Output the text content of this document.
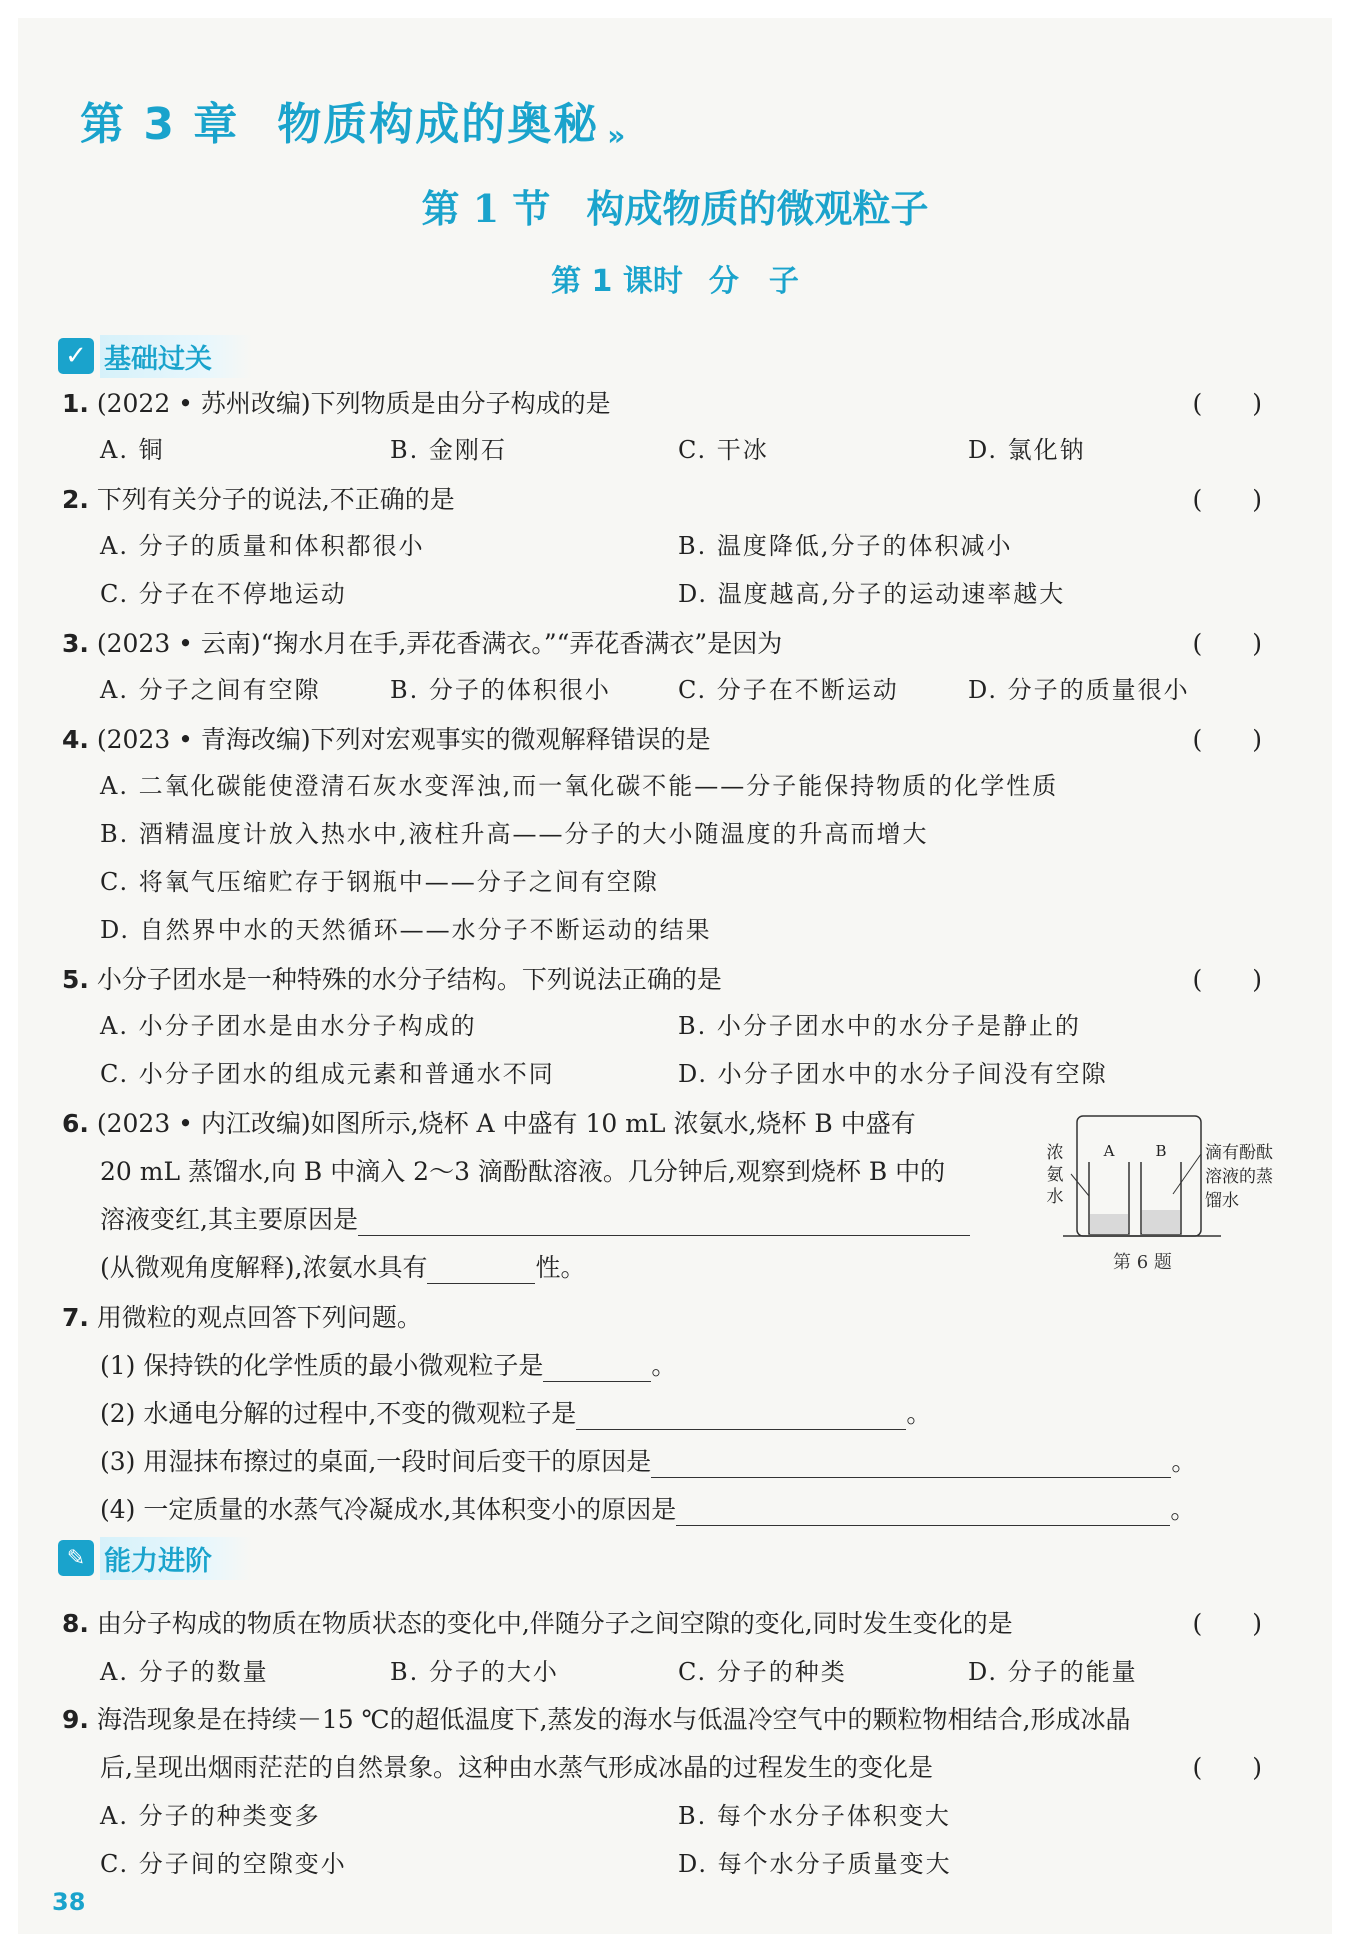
第 3 章 物质构成的奥秘 »
第 1 节 构成物质的微观粒子
第 1 课时 分　子
✓ 基础过关
1. (2022 • 苏州改编)下列物质是由分子构成的是	(　　)
A. 铜	B. 金刚石	C. 干冰	D. 氯化钠
2. 下列有关分子的说法,不正确的是	(　　)
A. 分子的质量和体积都很小	B. 温度降低,分子的体积减小
C. 分子在不停地运动	D. 温度越高,分子的运动速率越大
3. (2023 • 云南)“掬水月在手,弄花香满衣。”“弄花香满衣”是因为	(　　)
A. 分子之间有空隙	B. 分子的体积很小	C. 分子在不断运动	D. 分子的质量很小
4. (2023 • 青海改编)下列对宏观事实的微观解释错误的是	(　　)
A. 二氧化碳能使澄清石灰水变浑浊,而一氧化碳不能——分子能保持物质的化学性质
B. 酒精温度计放入热水中,液柱升高——分子的大小随温度的升高而增大
C. 将氧气压缩贮存于钢瓶中——分子之间有空隙
D. 自然界中水的天然循环——水分子不断运动的结果
5. 小分子团水是一种特殊的水分子结构。下列说法正确的是	(　　)
A. 小分子团水是由水分子构成的	B. 小分子团水中的水分子是静止的
C. 小分子团水的组成元素和普通水不同	D. 小分子团水中的水分子间没有空隙
6. (2023 • 内江改编)如图所示,烧杯 A 中盛有 10 mL 浓氨水,烧杯 B 中盛有
20 mL 蒸馏水,向 B 中滴入 2～3 滴酚酞溶液。几分钟后,观察到烧杯 B 中的
溶液变红,其主要原因是
(从微观角度解释),浓氨水具有	性。
A	B
浓
氨
水
滴有酚酞
溶液的蒸
馏水
第 6 题
7. 用微粒的观点回答下列问题。
(1) 保持铁的化学性质的最小微观粒子是	。
(2) 水通电分解的过程中,不变的微观粒子是	。
(3) 用湿抹布擦过的桌面,一段时间后变干的原因是	。
(4) 一定质量的水蒸气冷凝成水,其体积变小的原因是	。
✎ 能力进阶
8. 由分子构成的物质在物质状态的变化中,伴随分子之间空隙的变化,同时发生变化的是	(　　)
A. 分子的数量	B. 分子的大小	C. 分子的种类	D. 分子的能量
9. 海浩现象是在持续－15 ℃的超低温度下,蒸发的海水与低温冷空气中的颗粒物相结合,形成冰晶
后,呈现出烟雨茫茫的自然景象。这种由水蒸气形成冰晶的过程发生的变化是	(　　)
A. 分子的种类变多	B. 每个水分子体积变大
C. 分子间的空隙变小	D. 每个水分子质量变大
38
